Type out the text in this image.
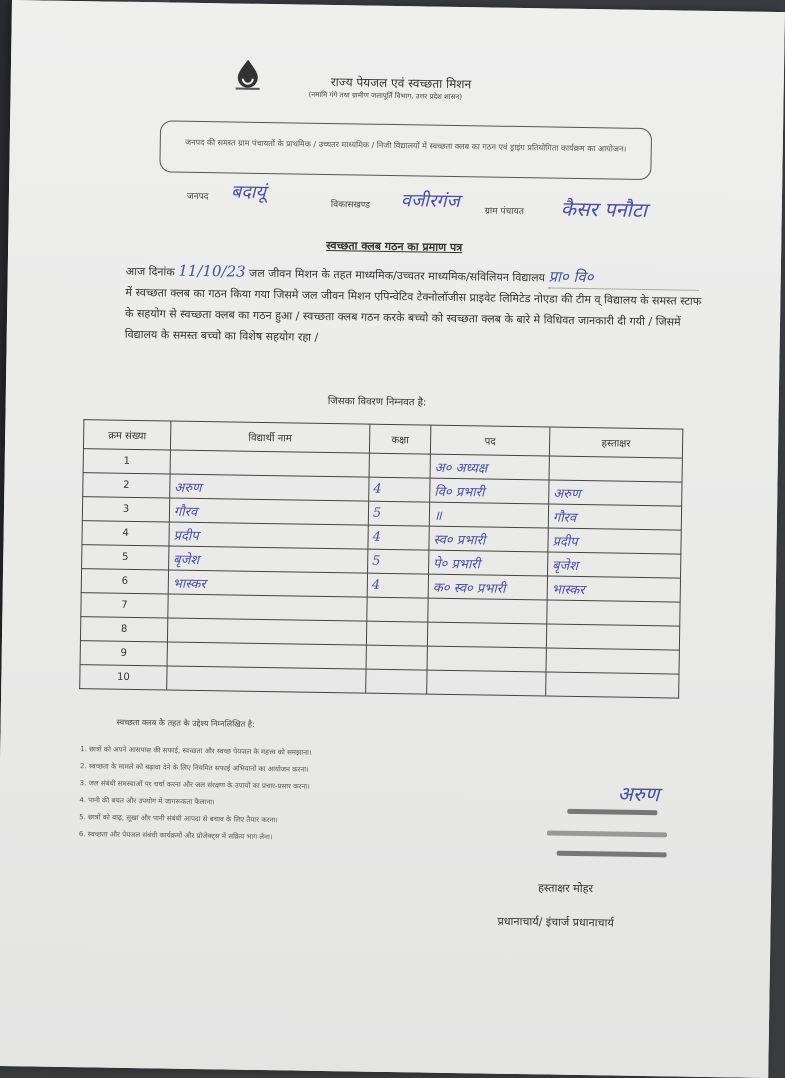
राज्य पेयजल एवं स्वच्छता मिशन
(नमामि गंगे तथा ग्रामीण जलापूर्ति विभाग, उत्तर प्रदेश शासन)
जनपद की समस्त ग्राम पंचायतों के प्राथमिक / उच्चतर माध्यमिक / निजी विद्यालयों में स्वच्छता क्लब का गठन एवं ड्राइंग प्रतियोगिता कार्यक्रम का आयोजन।
जनपद बदायूं
विकासखण्ड वजीरगंज	ग्राम पंचायत कैसर पनौटा
स्वच्छता क्लब गठन का प्रमाण पत्र
आज दिनांक 11/10/23 जल जीवन मिशन के तहत माध्यमिक/उच्चतर माध्यमिक/सविलियन विद्यालय प्रा० वि० में स्वच्छता क्लब का गठन किया गया जिसमे जल जीवन मिशन एपिन्वेटिव टेक्नोलॉजीस प्राइवेट लिमिटेड नोएडा की टीम व् विद्यालय के समस्त स्टाफ के सहयोग से स्वच्छता क्लब का गठन हुआ / स्वच्छता क्लब गठन करके बच्चो को स्वच्छता क्लब के बारे मे विधिवत जानकारी दी गयी / जिसमें विद्यालय के समस्त बच्चो का विशेष सहयोग रहा /
जिसका विवरण निम्नवत है:
क्रम संख्या	विद्यार्थी नाम	कक्षा	पद	हस्ताक्षर
1			अ० अध्यक्ष	
2	अरुण	4	वि० प्रभारी	अरुण
3	गौरव	5	॥	गौरव
4	प्रदीप	4	स्व० प्रभारी	प्रदीप
5	बृजेश	5	पे० प्रभारी	बृजेश
6	भास्कर	4	क० स्व० प्रभारी	भास्कर
7				
8				
9				
10				
स्वच्छता क्लब के तहत के उद्देश्य निम्नलिखित है:
1. छात्रों को अपने आसपास की सफाई, स्वच्छता और स्वच्छ पेयजल के महत्त्व को समझाना।
2. स्वच्छता के मामले को बढ़ावा देने के लिए नियमित सफाई अभियानों का आयोजन करना।
3. जल संबंधी समस्याओं पर चर्चा करना और जल संरक्षण के उपायों का प्रचार-प्रसार करना।
4. पानी की बचत और उपयोग में जागरूकता फैलाना।
5. छात्रों को बाढ़, सूखा और पानी संबंधी आपदा से बचाव के लिए तैयार करना।
6. स्वच्छता और पेयजल संबंधी कार्यक्रमों और प्रोजेक्ट्स में सक्रिय भाग लेना।
अरुण
हस्ताक्षर मोहर
प्रधानाचार्य/ इंचार्ज प्रधानाचार्य
